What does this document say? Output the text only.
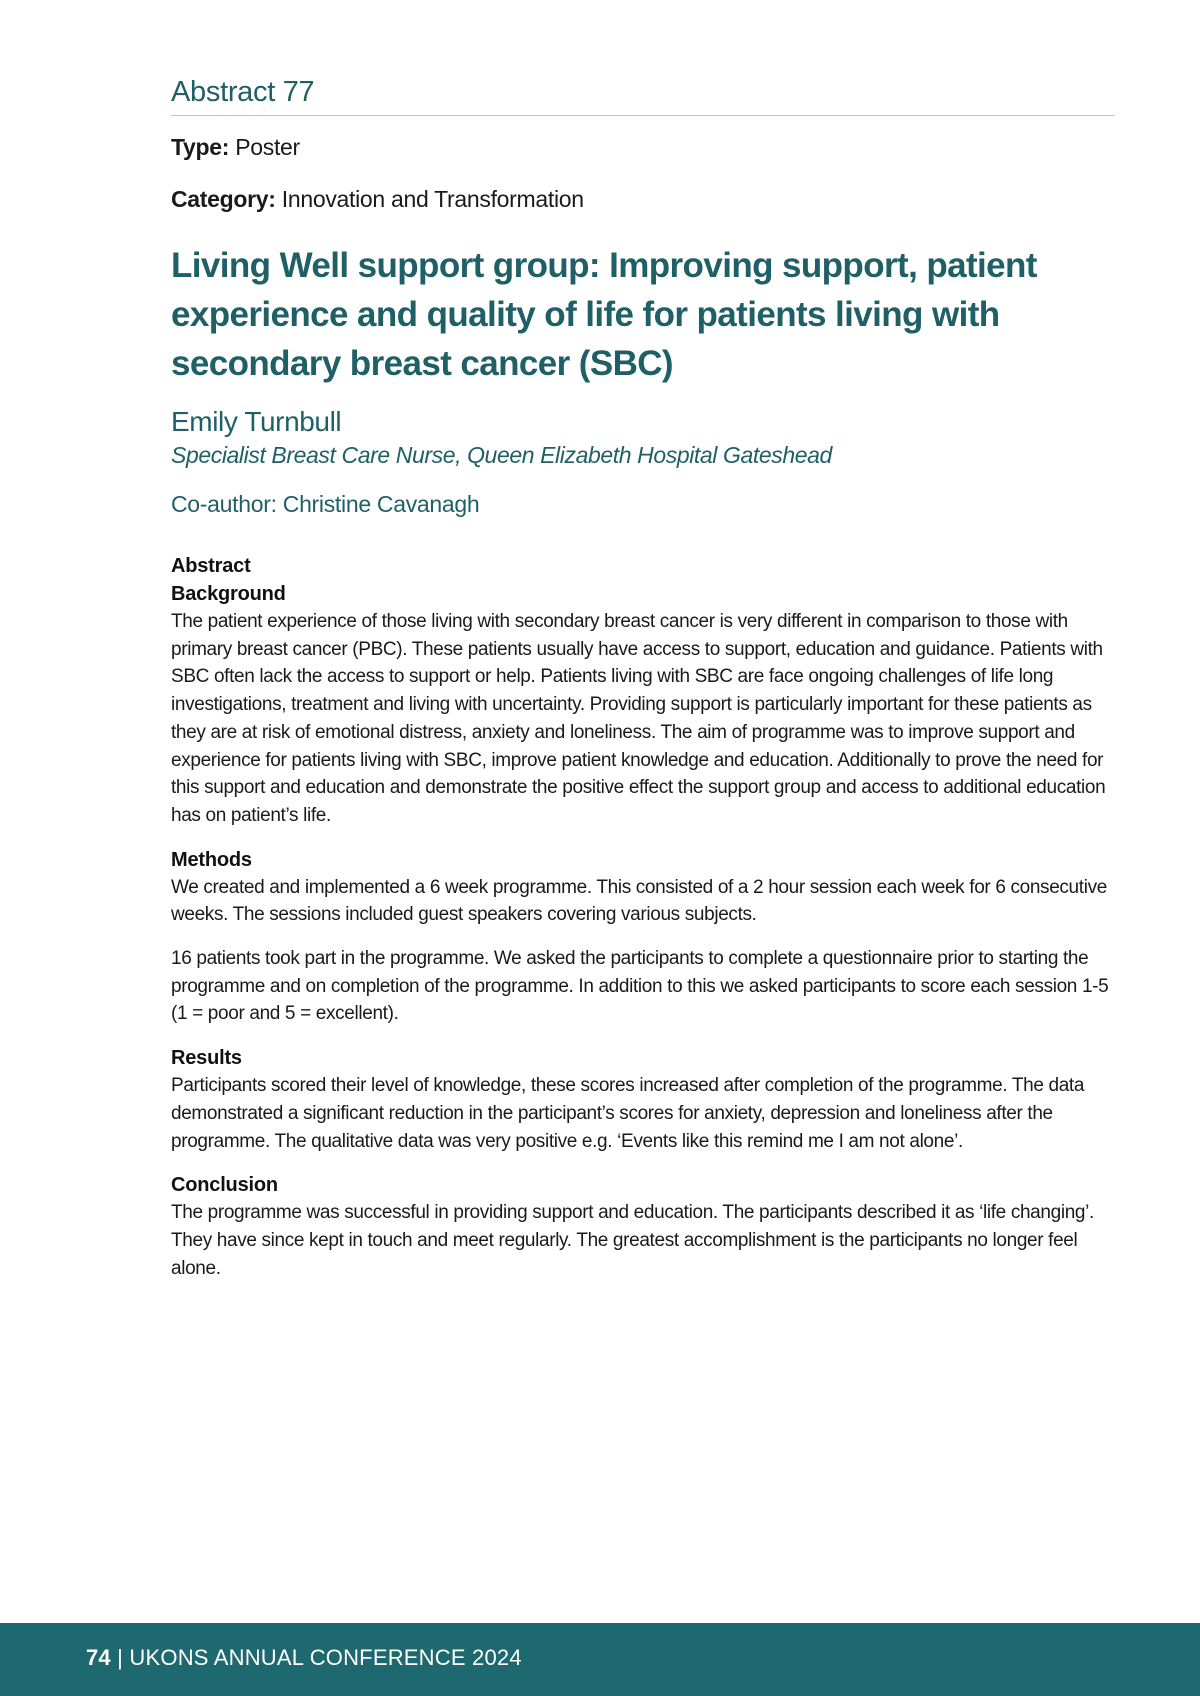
Abstract 77
Type: Poster
Category: Innovation and Transformation
Living Well support group: Improving support, patient experience and quality of life for patients living with secondary breast cancer (SBC)
Emily Turnbull
Specialist Breast Care Nurse, Queen Elizabeth Hospital Gateshead
Co-author: Christine Cavanagh
Abstract
Background

The patient experience of those living with secondary breast cancer is very different in comparison to those with primary breast cancer (PBC). These patients usually have access to support, education and guidance. Patients with SBC often lack the access to support or help. Patients living with SBC are face ongoing challenges of life long investigations, treatment and living with uncertainty. Providing support is particularly important for these patients as they are at risk of emotional distress, anxiety and loneliness. The aim of programme was to improve support and experience for patients living with SBC, improve patient knowledge and education. Additionally to prove the need for this support and education and demonstrate the positive effect the support group and access to additional education has on patient’s life.

Methods

We created and implemented a 6 week programme. This consisted of a 2 hour session each week for 6 consecutive weeks. The sessions included guest speakers covering various subjects.

16 patients took part in the programme. We asked the participants to complete a questionnaire prior to starting the programme and on completion of the programme. In addition to this we asked participants to score each session 1-5 (1 = poor and 5 = excellent).

Results

Participants scored their level of knowledge, these scores increased after completion of the programme. The data demonstrated a significant reduction in the participant’s scores for anxiety, depression and loneliness after the programme. The qualitative data was very positive e.g. ‘Events like this remind me I am not alone’.

Conclusion

The programme was successful in providing support and education. The participants described it as ‘life changing’. They have since kept in touch and meet regularly. The greatest accomplishment is the participants no longer feel alone.

74 | UKONS ANNUAL CONFERENCE 2024
